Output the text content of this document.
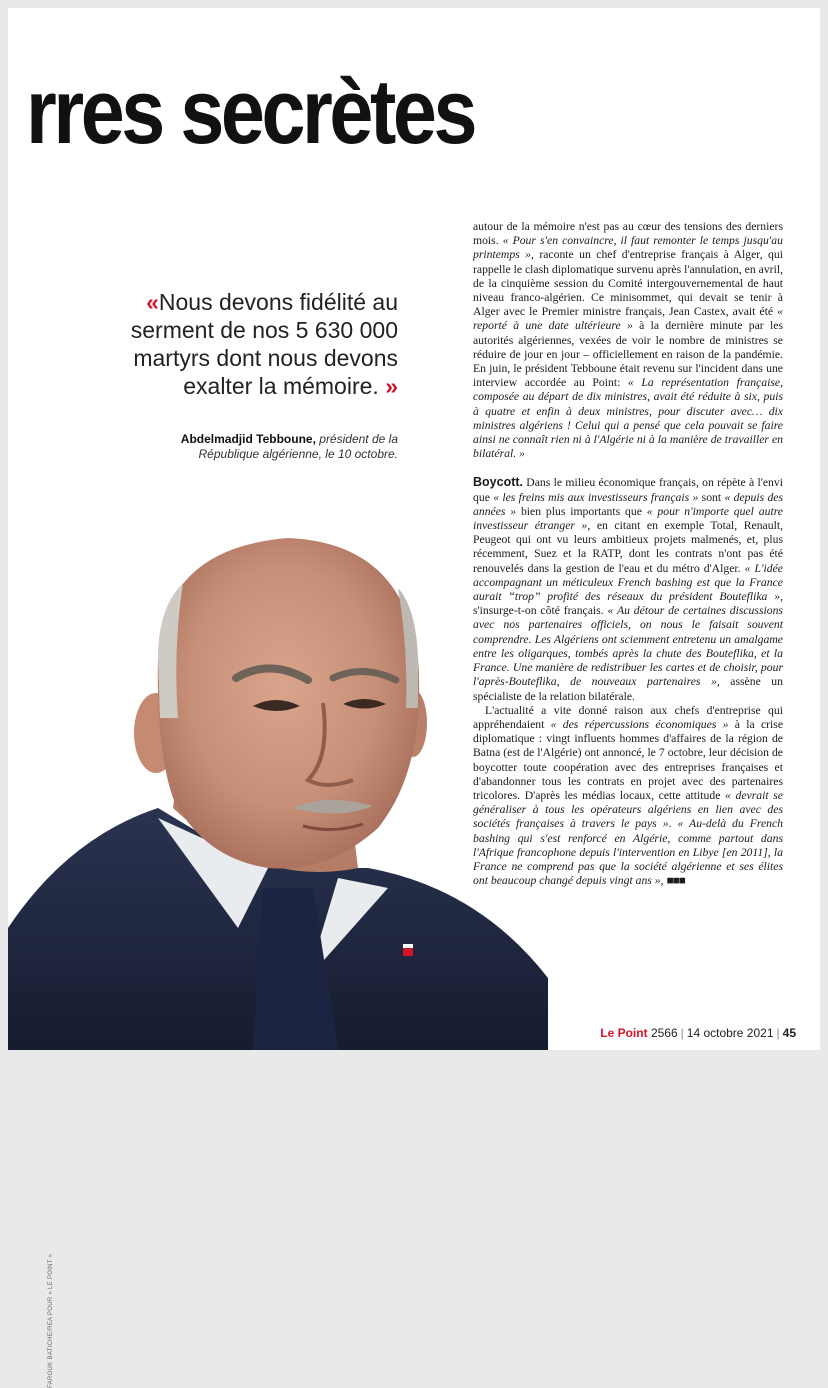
rres secrètes
«Nous devons fidélité au serment de nos 5 630 000 martyrs dont nous devons exalter la mémoire. »
Abdelmadjid Tebboune, président de la République algérienne, le 10 octobre.
FAROUK BATICHE/REA POUR « LE POINT »

autour de la mémoire n'est pas au cœur des tensions des derniers mois. « Pour s'en convaincre, il faut remonter le temps jusqu'au printemps », raconte un chef d'entreprise français à Alger, qui rappelle le clash diplomatique survenu après l'annulation, en avril, de la cinquième session du Comité intergouvernemental de haut niveau franco-algérien. Ce minisommet, qui devait se tenir à Alger avec le Premier ministre français, Jean Castex, avait été « reporté à une date ultérieure » à la dernière minute par les autorités algériennes, vexées de voir le nombre de ministres se réduire de jour en jour – officiellement en raison de la pandémie. En juin, le président Tebboune était revenu sur l'incident dans une interview accordée au Point: « La représentation française, composée au départ de dix ministres, avait été réduite à six, puis à quatre et enfin à deux ministres, pour discuter avec… dix ministres algériens ! Celui qui a pensé que cela pouvait se faire ainsi ne connaît rien ni à l'Algérie ni à la manière de travailler en bilatéral. »

Boycott. Dans le milieu économique français, on répète à l'envi que « les freins mis aux investisseurs français » sont « depuis des années » bien plus importants que « pour n'importe quel autre investisseur étranger », en citant en exemple Total, Renault, Peugeot qui ont vu leurs ambitieux projets malmenés, et, plus récemment, Suez et la RATP, dont les contrats n'ont pas été renouvelés dans la gestion de l'eau et du métro d'Alger. « L'idée accompagnant un méticuleux French bashing est que la France aurait “trop” profité des réseaux du président Bouteflika », s'insurge-t-on côté français. « Au détour de certaines discussions avec nos partenaires officiels, on nous le faisait souvent comprendre. Les Algériens ont sciemment entretenu un amalgame entre les oligarques, tombés après la chute des Bouteflika, et la France. Une manière de redistribuer les cartes et de choisir, pour l'après-Bouteflika, de nouveaux partenaires », assène un spécialiste de la relation bilatérale.

L'actualité a vite donné raison aux chefs d'entreprise qui appréhendaient « des répercussions économiques » à la crise diplomatique : vingt influents hommes d'affaires de la région de Batna (est de l'Algérie) ont annoncé, le 7 octobre, leur décision de boycotter toute coopération avec des entreprises françaises et d'abandonner tous les contrats en projet avec des partenaires tricolores. D'après les médias locaux, cette attitude « devrait se généraliser à tous les opérateurs algériens en lien avec des sociétés françaises à travers le pays ». « Au-delà du French bashing qui s'est renforcé en Algérie, comme partout dans l'Afrique francophone depuis l'intervention en Libye [en 2011], la France ne comprend pas que la société algérienne et ses élites ont beaucoup changé depuis vingt ans », ■■■

Le Point 2566 | 14 octobre 2021 | 45
